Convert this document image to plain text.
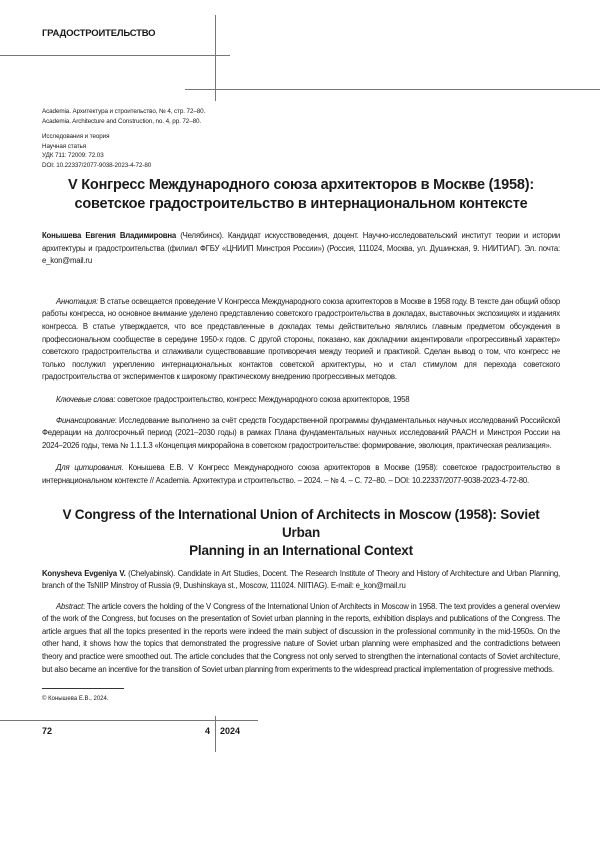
ГРАДОСТРОИТЕЛЬСТВО
Academia. Архитектура и строительство, № 4, стр. 72–80.
Academia. Architecture and Construction, no. 4, pp. 72–80.
Исследования и теория
Научная статья
УДК 711: 72009: 72.03
DOI: 10.22337/2077-9038-2023-4-72-80
V Конгресс Международного союза архитекторов в Москве (1958):
советское градостроительство в интернациональном контексте
Конышева Евгения Владимировна (Челябинск). Кандидат искусствоведения, доцент. Научно-исследовательский институт теории и истории архитектуры и градостроительства (филиал ФГБУ «ЦНИИП Минстроя России») (Россия, 111024, Москва, ул. Душинская, 9. НИИТИАГ). Эл. почта: e_kon@mail.ru
Аннотация: В статье освещается проведение V Конгресса Международного союза архитекторов в Москве в 1958 году. В тексте дан общий обзор работы конгресса, но основное внимание уделено представлению советского градостроительства в докладах, выставочных экспозициях и изданиях конгресса. В статье утверждается, что все представленные в докладах темы действительно являлись главным предметом обсуждения в профессиональном сообществе в середине 1950-х годов. С другой стороны, показано, как докладчики акцентировали «прогрессивный характер» советского градостроительства и сглаживали существовавшие противоречия между теорией и практикой. Сделан вывод о том, что конгресс не только послужил укреплению интернациональных контактов советской архитектуры, но и стал стимулом для перехода советского градостроительства от экспериментов к широкому практическому внедрению прогрессивных методов.
Ключевые слова: советское градостроительство, конгресс Международного союза архитекторов, 1958
Финансирование: Исследование выполнено за счёт средств Государственной программы фундаментальных научных исследований Российской Федерации на долгосрочный период (2021–2030 годы) в рамках Плана фундаментальных научных исследований РААСН и Минстроя России на 2024–2026 годы, тема № 1.1.1.3 «Концепция микрорайона в советском градостроительстве: формирование, эволюция, практическая реализация».
Для цитирования. Конышева Е.В. V Конгресс Международного союза архитекторов в Москве (1958): советское градостроительство в интернациональном контексте // Academia. Архитектура и строительство. – 2024. – № 4. – С. 72–80. – DOI: 10.22337/2077-9038-2023-4-72-80.
V Congress of the International Union of Architects in Moscow (1958): Soviet Urban
Planning in an International Context
Konysheva Evgeniya V. (Chelyabinsk). Candidate in Art Studies, Docent. The Research Institute of Theory and History of Architecture and Urban Planning, branch of the TsNIIP Minstroy of Russia (9, Dushinskaya st., Moscow, 111024. NIITIAG). E-mail: e_kon@mail.ru
Abstract: The article covers the holding of the V Congress of the International Union of Architects in Moscow in 1958. The text provides a general overview of the work of the Congress, but focuses on the presentation of Soviet urban planning in the reports, exhibition displays and publications of the Congress. The article argues that all the topics presented in the reports were indeed the main subject of discussion in the professional community in the mid-1950s. On the other hand, it shows how the topics that demonstrated the progressive nature of Soviet urban planning were emphasized and the contradictions between theory and practice were smoothed out. The article concludes that the Congress not only served to strengthen the international contacts of Soviet architecture, but also became an incentive for the transition of Soviet urban planning from experiments to the widespread practical implementation of progressive methods.
© Конышева Е.В., 2024.
72	4 2024
